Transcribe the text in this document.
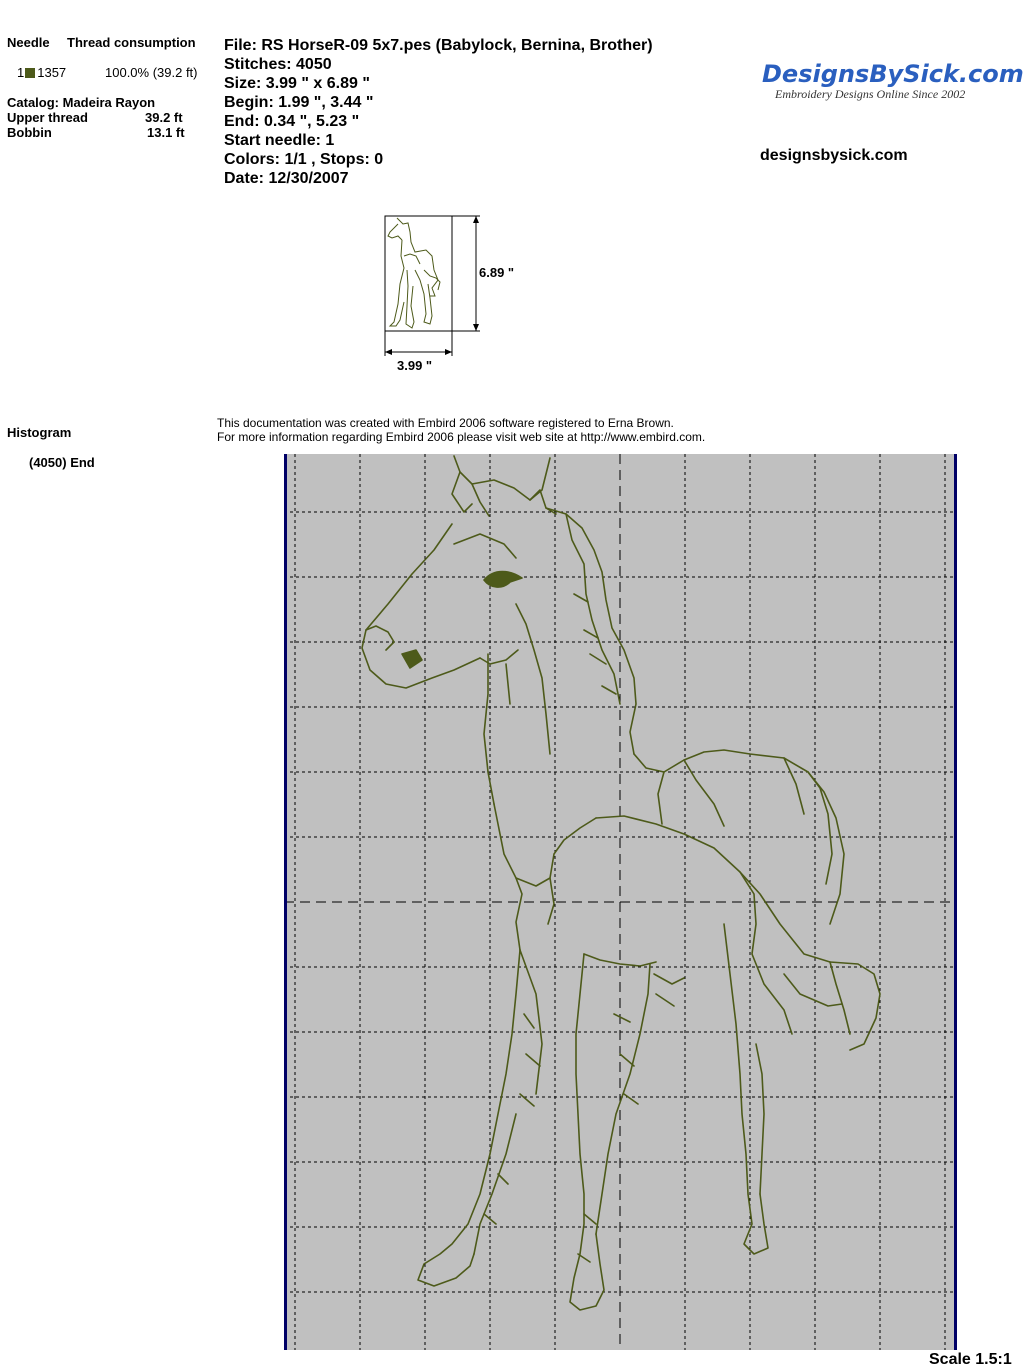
Needle Thread consumption
1 1357	100.0% (39.2 ft)
Catalog: Madeira Rayon
Upper thread	39.2 ft
Bobbin	13.1 ft
File: RS HorseR-09 5x7.pes (Babylock, Bernina, Brother)
Stitches: 4050
Size: 3.99 " x 6.89 "
Begin: 1.99 ", 3.44 "
End: 0.34 ", 5.23 "
Start needle: 1
Colors: 1/1 , Stops: 0
Date: 12/30/2007
DesignsBySick.com
Embroidery Designs Online Since 2002
designsbysick.com
6.89 "
3.99 "
Histogram
(4050) End
This documentation was created with Embird 2006 software registered to Erna Brown.
For more information regarding Embird 2006 please visit web site at http://www.embird.com.
Scale 1.5:1
